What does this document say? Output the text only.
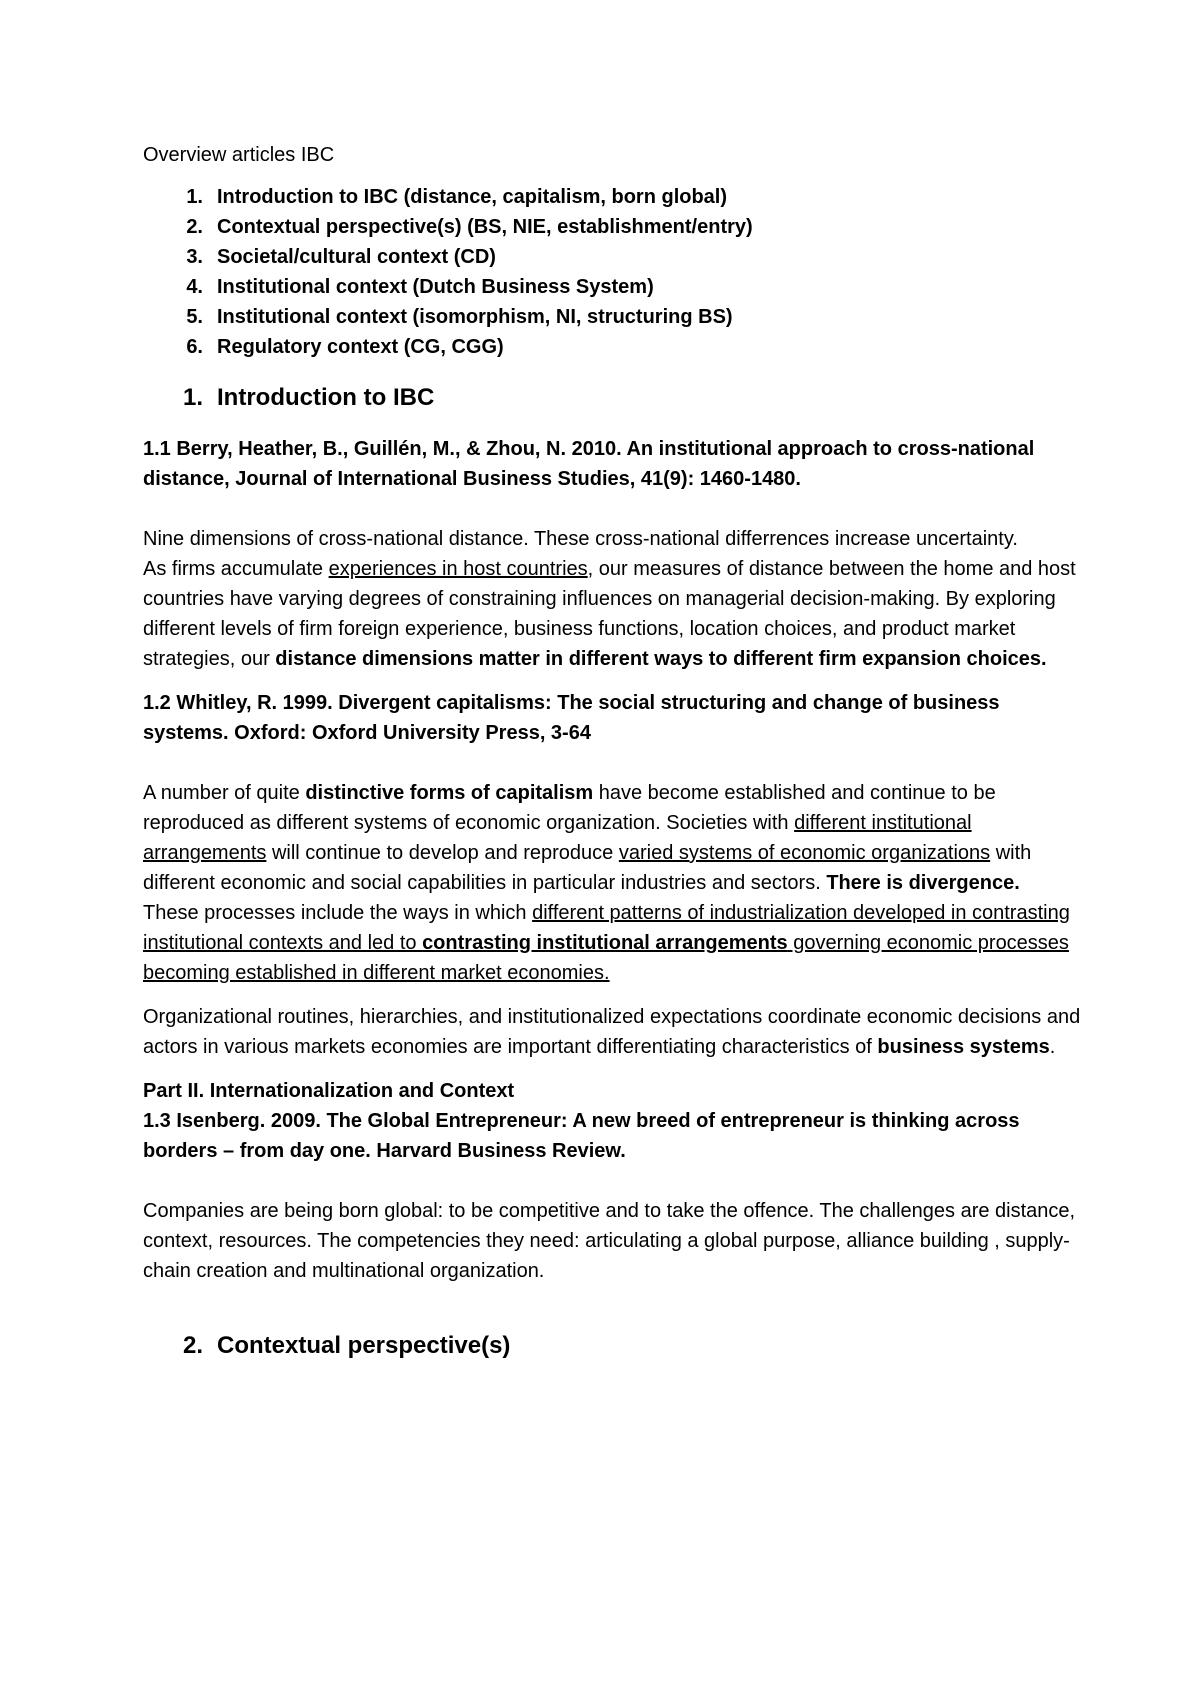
Overview articles IBC

1. Introduction to IBC (distance, capitalism, born global)
2. Contextual perspective(s) (BS, NIE, establishment/entry)
3. Societal/cultural context (CD)
4. Institutional context (Dutch Business System)
5. Institutional context (isomorphism, NI, structuring BS)
6. Regulatory context (CG, CGG)
1. Introduction to IBC

1.1 Berry, Heather, B., Guillén, M., & Zhou, N. 2010. An institutional approach to cross-national distance, Journal of International Business Studies, 41(9): 1460-1480.

Nine dimensions of cross-national distance. These cross-national differrences increase uncertainty.
As firms accumulate experiences in host countries, our measures of distance between the home and host countries have varying degrees of constraining influences on managerial decision-making. By exploring different levels of firm foreign experience, business functions, location choices, and product market strategies, our distance dimensions matter in different ways to different firm expansion choices.

1.2 Whitley, R. 1999. Divergent capitalisms: The social structuring and change of business systems. Oxford: Oxford University Press, 3-64

A number of quite distinctive forms of capitalism have become established and continue to be reproduced as different systems of economic organization. Societies with different institutional arrangements will continue to develop and reproduce varied systems of economic organizations with different economic and social capabilities in particular industries and sectors. There is divergence.
These processes include the ways in which different patterns of industrialization developed in contrasting institutional contexts and led to contrasting institutional arrangements governing economic processes becoming established in different market economies.

Organizational routines, hierarchies, and institutionalized expectations coordinate economic decisions and actors in various markets economies are important differentiating characteristics of business systems.

Part II. Internationalization and Context

1.3 Isenberg. 2009. The Global Entrepreneur: A new breed of entrepreneur is thinking across borders – from day one. Harvard Business Review.

Companies are being born global: to be competitive and to take the offence. The challenges are distance, context, resources. The competencies they need: articulating a global purpose, alliance building , supply-chain creation and multinational organization.

2. Contextual perspective(s)
